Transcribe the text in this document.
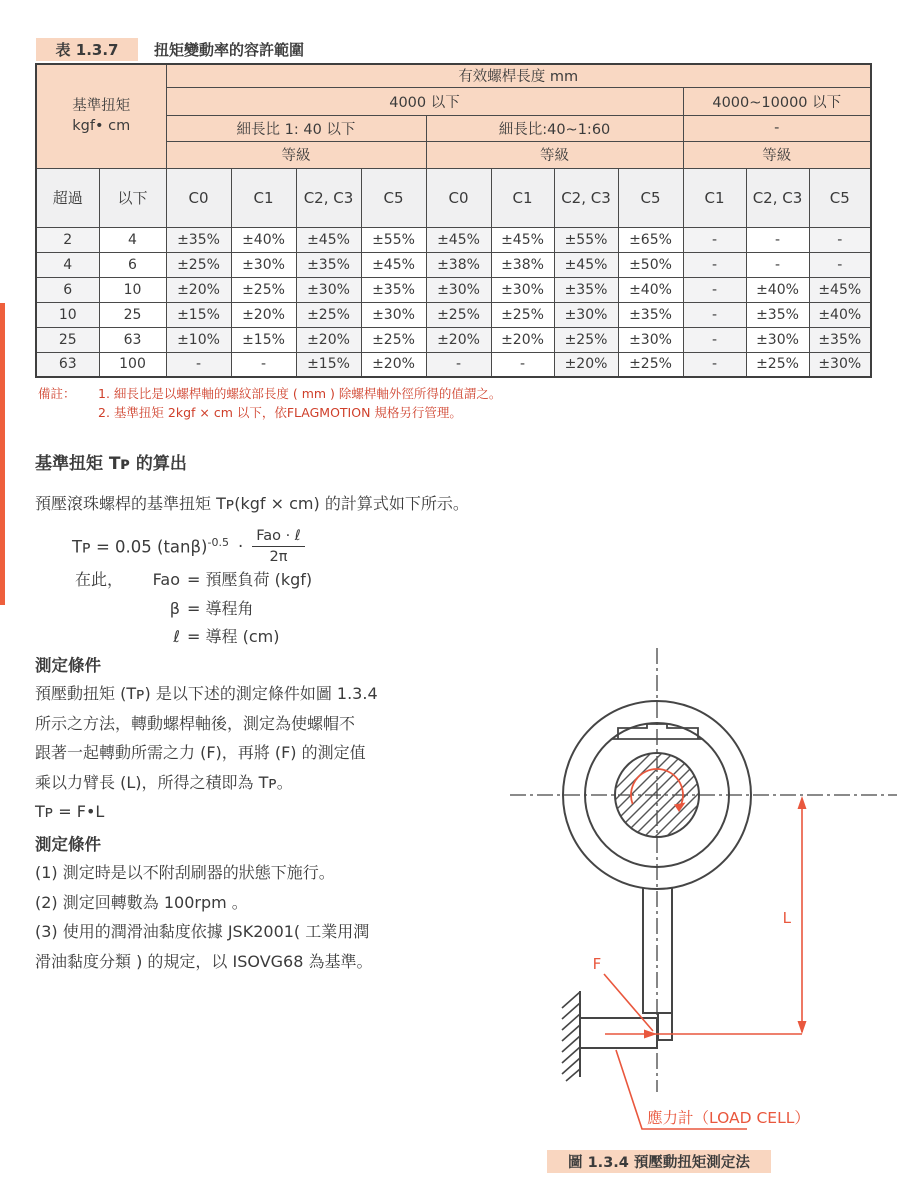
表 1.3.7	扭矩變動率的容許範圍
基準扭矩
kgf• cm		有效螺桿長度 mm										
		4000 以下								4000~10000 以下		
		細長比 1: 40 以下				細長比:40~1:60				-		
		等級				等級				等級		
超過	以下	C0	C1	C2, C3	C5	C0	C1	C2, C3	C5	C1	C2, C3	C5
2	4	±35%	±40%	±45%	±55%	±45%	±45%	±55%	±65%	-	-	-
4	6	±25%	±30%	±35%	±45%	±38%	±38%	±45%	±50%	-	-	-
6	10	±20%	±25%	±30%	±35%	±30%	±30%	±35%	±40%	-	±40%	±45%
10	25	±15%	±20%	±25%	±30%	±25%	±25%	±30%	±35%	-	±35%	±40%
25	63	±10%	±15%	±20%	±25%	±20%	±20%	±25%	±30%	-	±30%	±35%
63	100	-	-	±15%	±20%	-	-	±20%	±25%	-	±25%	±30%
備註：	1. 細長比是以螺桿軸的螺紋部長度 ( mm ) 除螺桿軸外徑所得的值謂之。
2. 基準扭矩 2kgf × cm 以下，依FLAGMOTION 規格另行管理。
基準扭矩 Tᴘ 的算出
預壓滾珠螺桿的基準扭矩 Tᴘ(kgf × cm) 的計算式如下所示。
Tᴘ = 0.05 $(\tan\beta)^{-0.5} \cdot \frac{\text{Fao · ℓ}}{2\pi}$
在此，	Fao = 預壓負荷 (kgf)
β = 導程角
ℓ = 導程 (cm)
測定條件
預壓動扭矩 (Tᴘ) 是以下述的測定條件如圖 1.3.4
所示之方法，轉動螺桿軸後，測定為使螺帽不
跟著一起轉動所需之力 (F)，再將 (F) 的測定值
乘以力臂長 (L)，所得之積即為 Tᴘ。
Tᴘ = F•L
測定條件
(1) 測定時是以不附刮刷器的狀態下施行。
(2) 測定回轉數為 100rpm 。
(3) 使用的潤滑油黏度依據 JSK2001( 工業用潤
滑油黏度分類 ) 的規定，以 ISOVG68 為基準。
L
F
應力計（LOAD CELL）
圖 1.3.4 預壓動扭矩測定法
